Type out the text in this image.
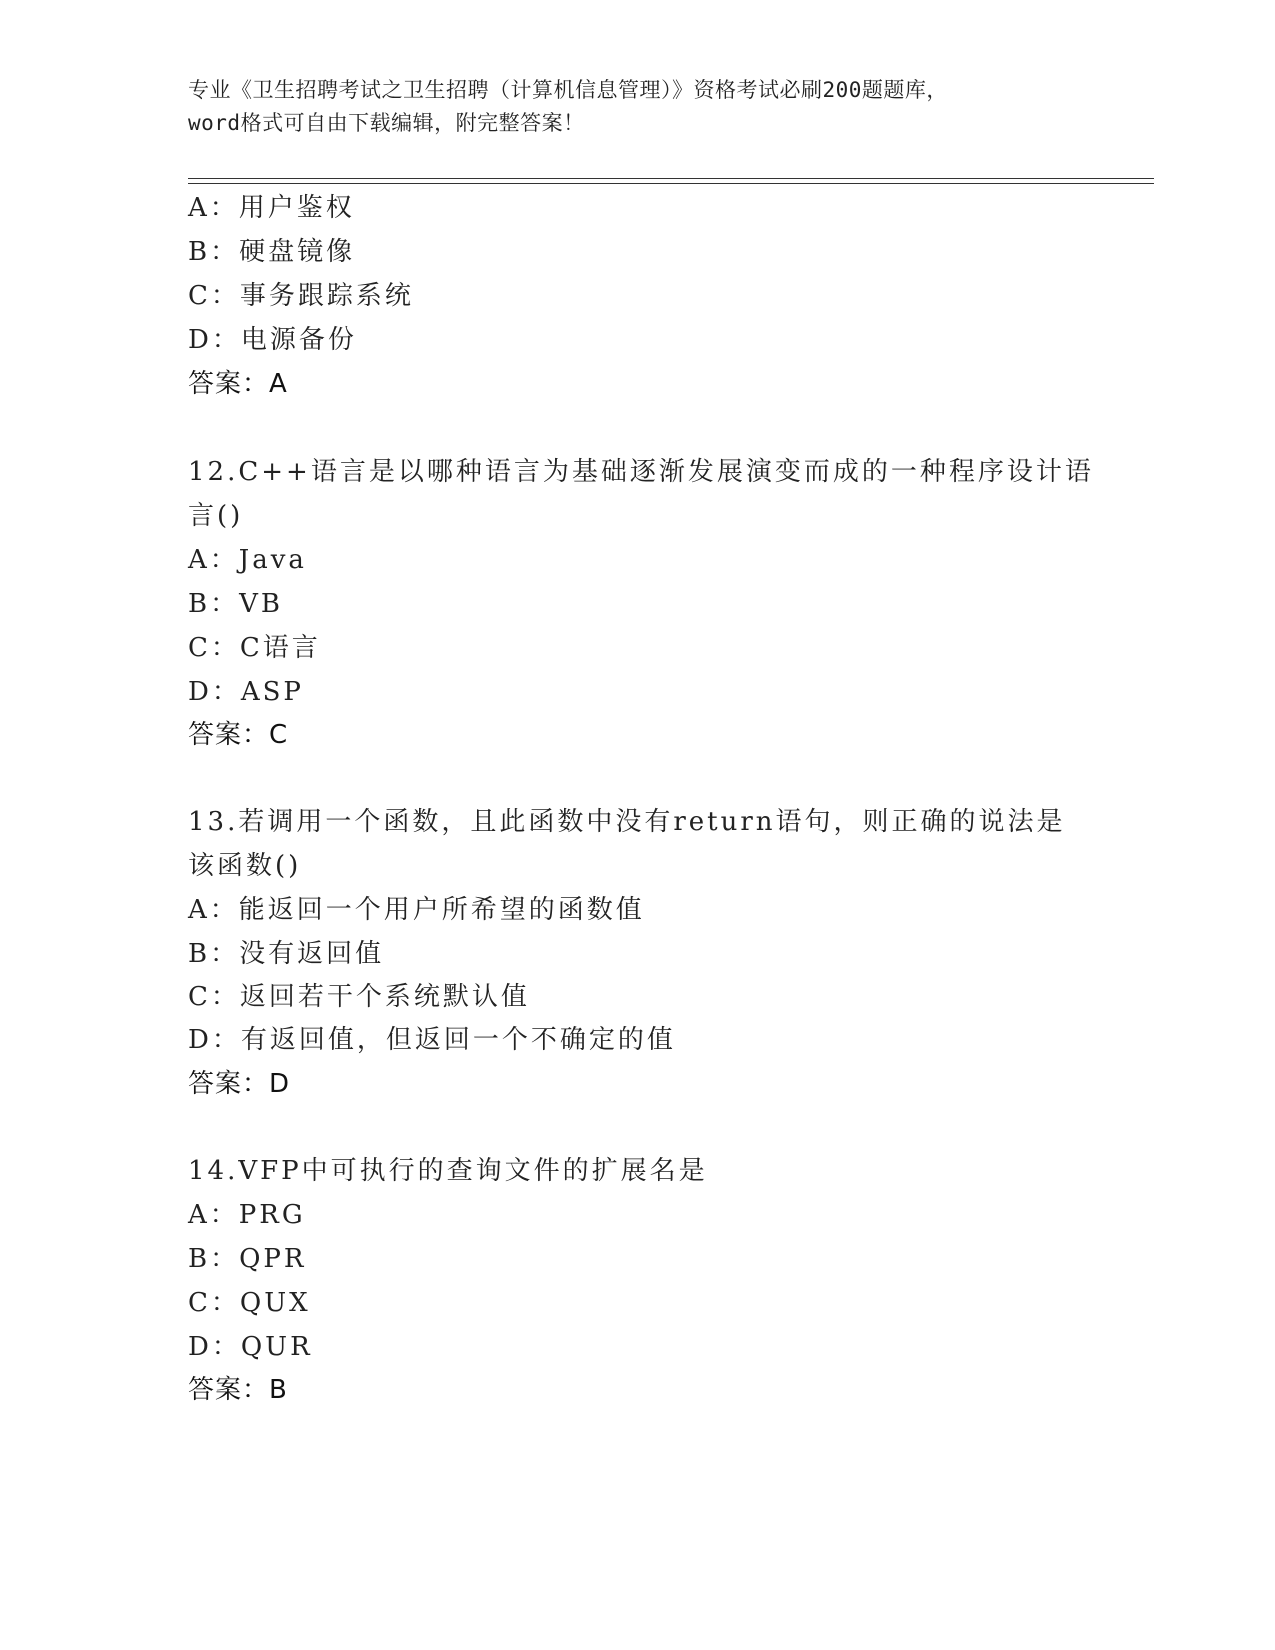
专业《卫生招聘考试之卫生招聘（计算机信息管理）》资格考试必刷200题题库，
word格式可自由下载编辑，附完整答案！
A：用户鉴权
B：硬盘镜像
C：事务跟踪系统
D：电源备份
答案：A
12.C++语言是以哪种语言为基础逐渐发展演变而成的一种程序设计语
言()
A：Java
B：VB
C：C语言
D：ASP
答案：C
13.若调用一个函数，且此函数中没有return语句，则正确的说法是
该函数()
A：能返回一个用户所希望的函数值
B：没有返回值
C：返回若干个系统默认值
D：有返回值，但返回一个不确定的值
答案：D
14.VFP中可执行的查询文件的扩展名是
A：PRG
B：QPR
C：QUX
D：QUR
答案：B
